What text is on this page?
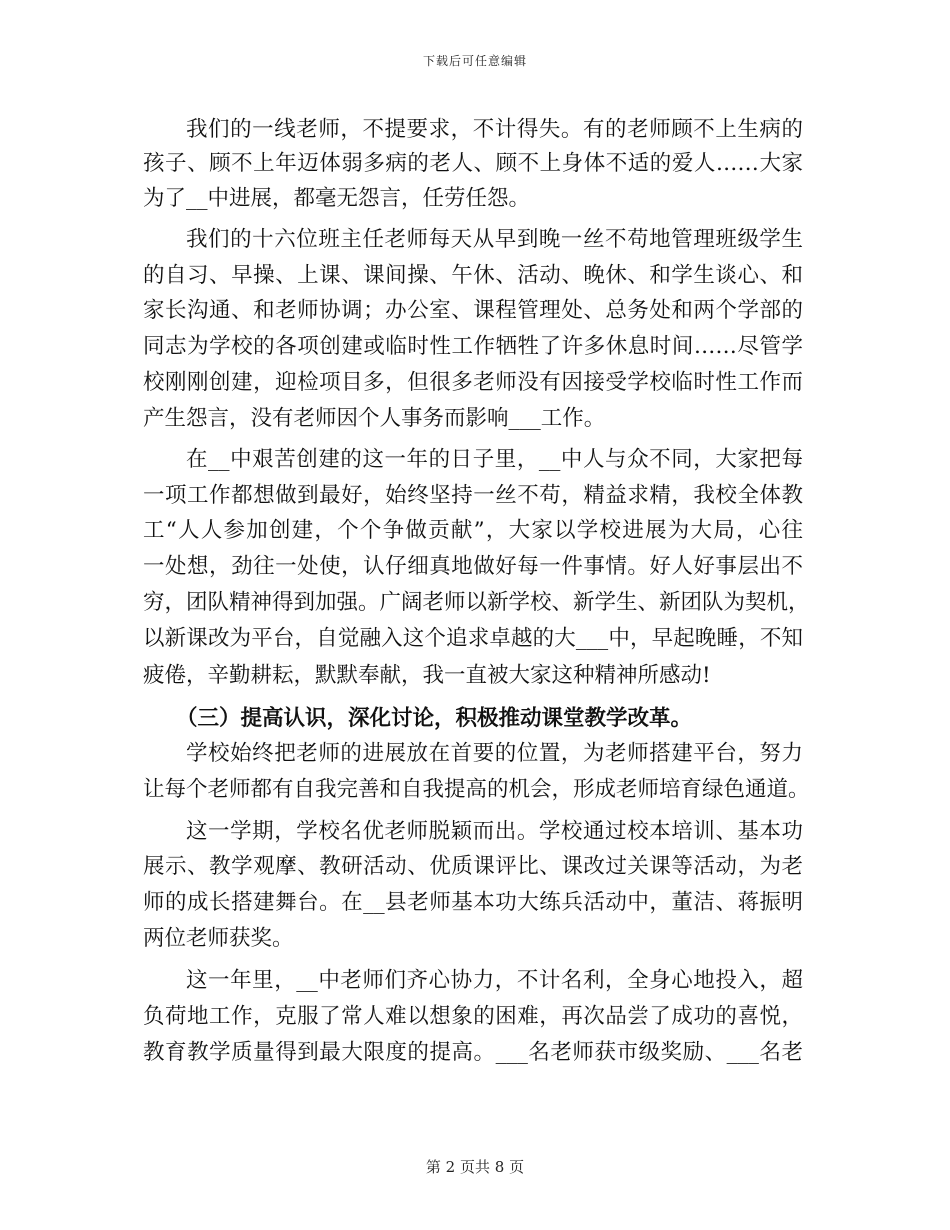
下载后可任意编辑
我们的一线老师，不提要求，不计得失。有的老师顾不上生病的
孩子、顾不上年迈体弱多病的老人、顾不上身体不适的爱人……大家
为了__中进展，都毫无怨言，任劳任怨。
我们的十六位班主任老师每天从早到晚一丝不苟地管理班级学生
的自习、早操、上课、课间操、午休、活动、晚休、和学生谈心、和
家长沟通、和老师协调；办公室、课程管理处、总务处和两个学部的
同志为学校的各项创建或临时性工作牺牲了许多休息时间……尽管学
校刚刚创建，迎检项目多，但很多老师没有因接受学校临时性工作而
产生怨言，没有老师因个人事务而影响___工作。
在__中艰苦创建的这一年的日子里，__中人与众不同，大家把每
一项工作都想做到最好，始终坚持一丝不苟，精益求精，我校全体教
工“人人参加创建，个个争做贡献”，大家以学校进展为大局，心往
一处想，劲往一处使，认仔细真地做好每一件事情。好人好事层出不
穷，团队精神得到加强。广阔老师以新学校、新学生、新团队为契机，
以新课改为平台，自觉融入这个追求卓越的大___中，早起晚睡，不知
疲倦，辛勤耕耘，默默奉献，我一直被大家这种精神所感动!
（三）提高认识，深化讨论，积极推动课堂教学改革。
学校始终把老师的进展放在首要的位置，为老师搭建平台，努力
让每个老师都有自我完善和自我提高的机会，形成老师培育绿色通道。
这一学期，学校名优老师脱颖而出。学校通过校本培训、基本功
展示、教学观摩、教研活动、优质课评比、课改过关课等活动，为老
师的成长搭建舞台。在__县老师基本功大练兵活动中，董洁、蒋振明
两位老师获奖。
这一年里，__中老师们齐心协力，不计名利，全身心地投入，超
负荷地工作，克服了常人难以想象的困难，再次品尝了成功的喜悦，
教育教学质量得到最大限度的提高。___名老师获市级奖励、___名老
第 2 页共 8 页
